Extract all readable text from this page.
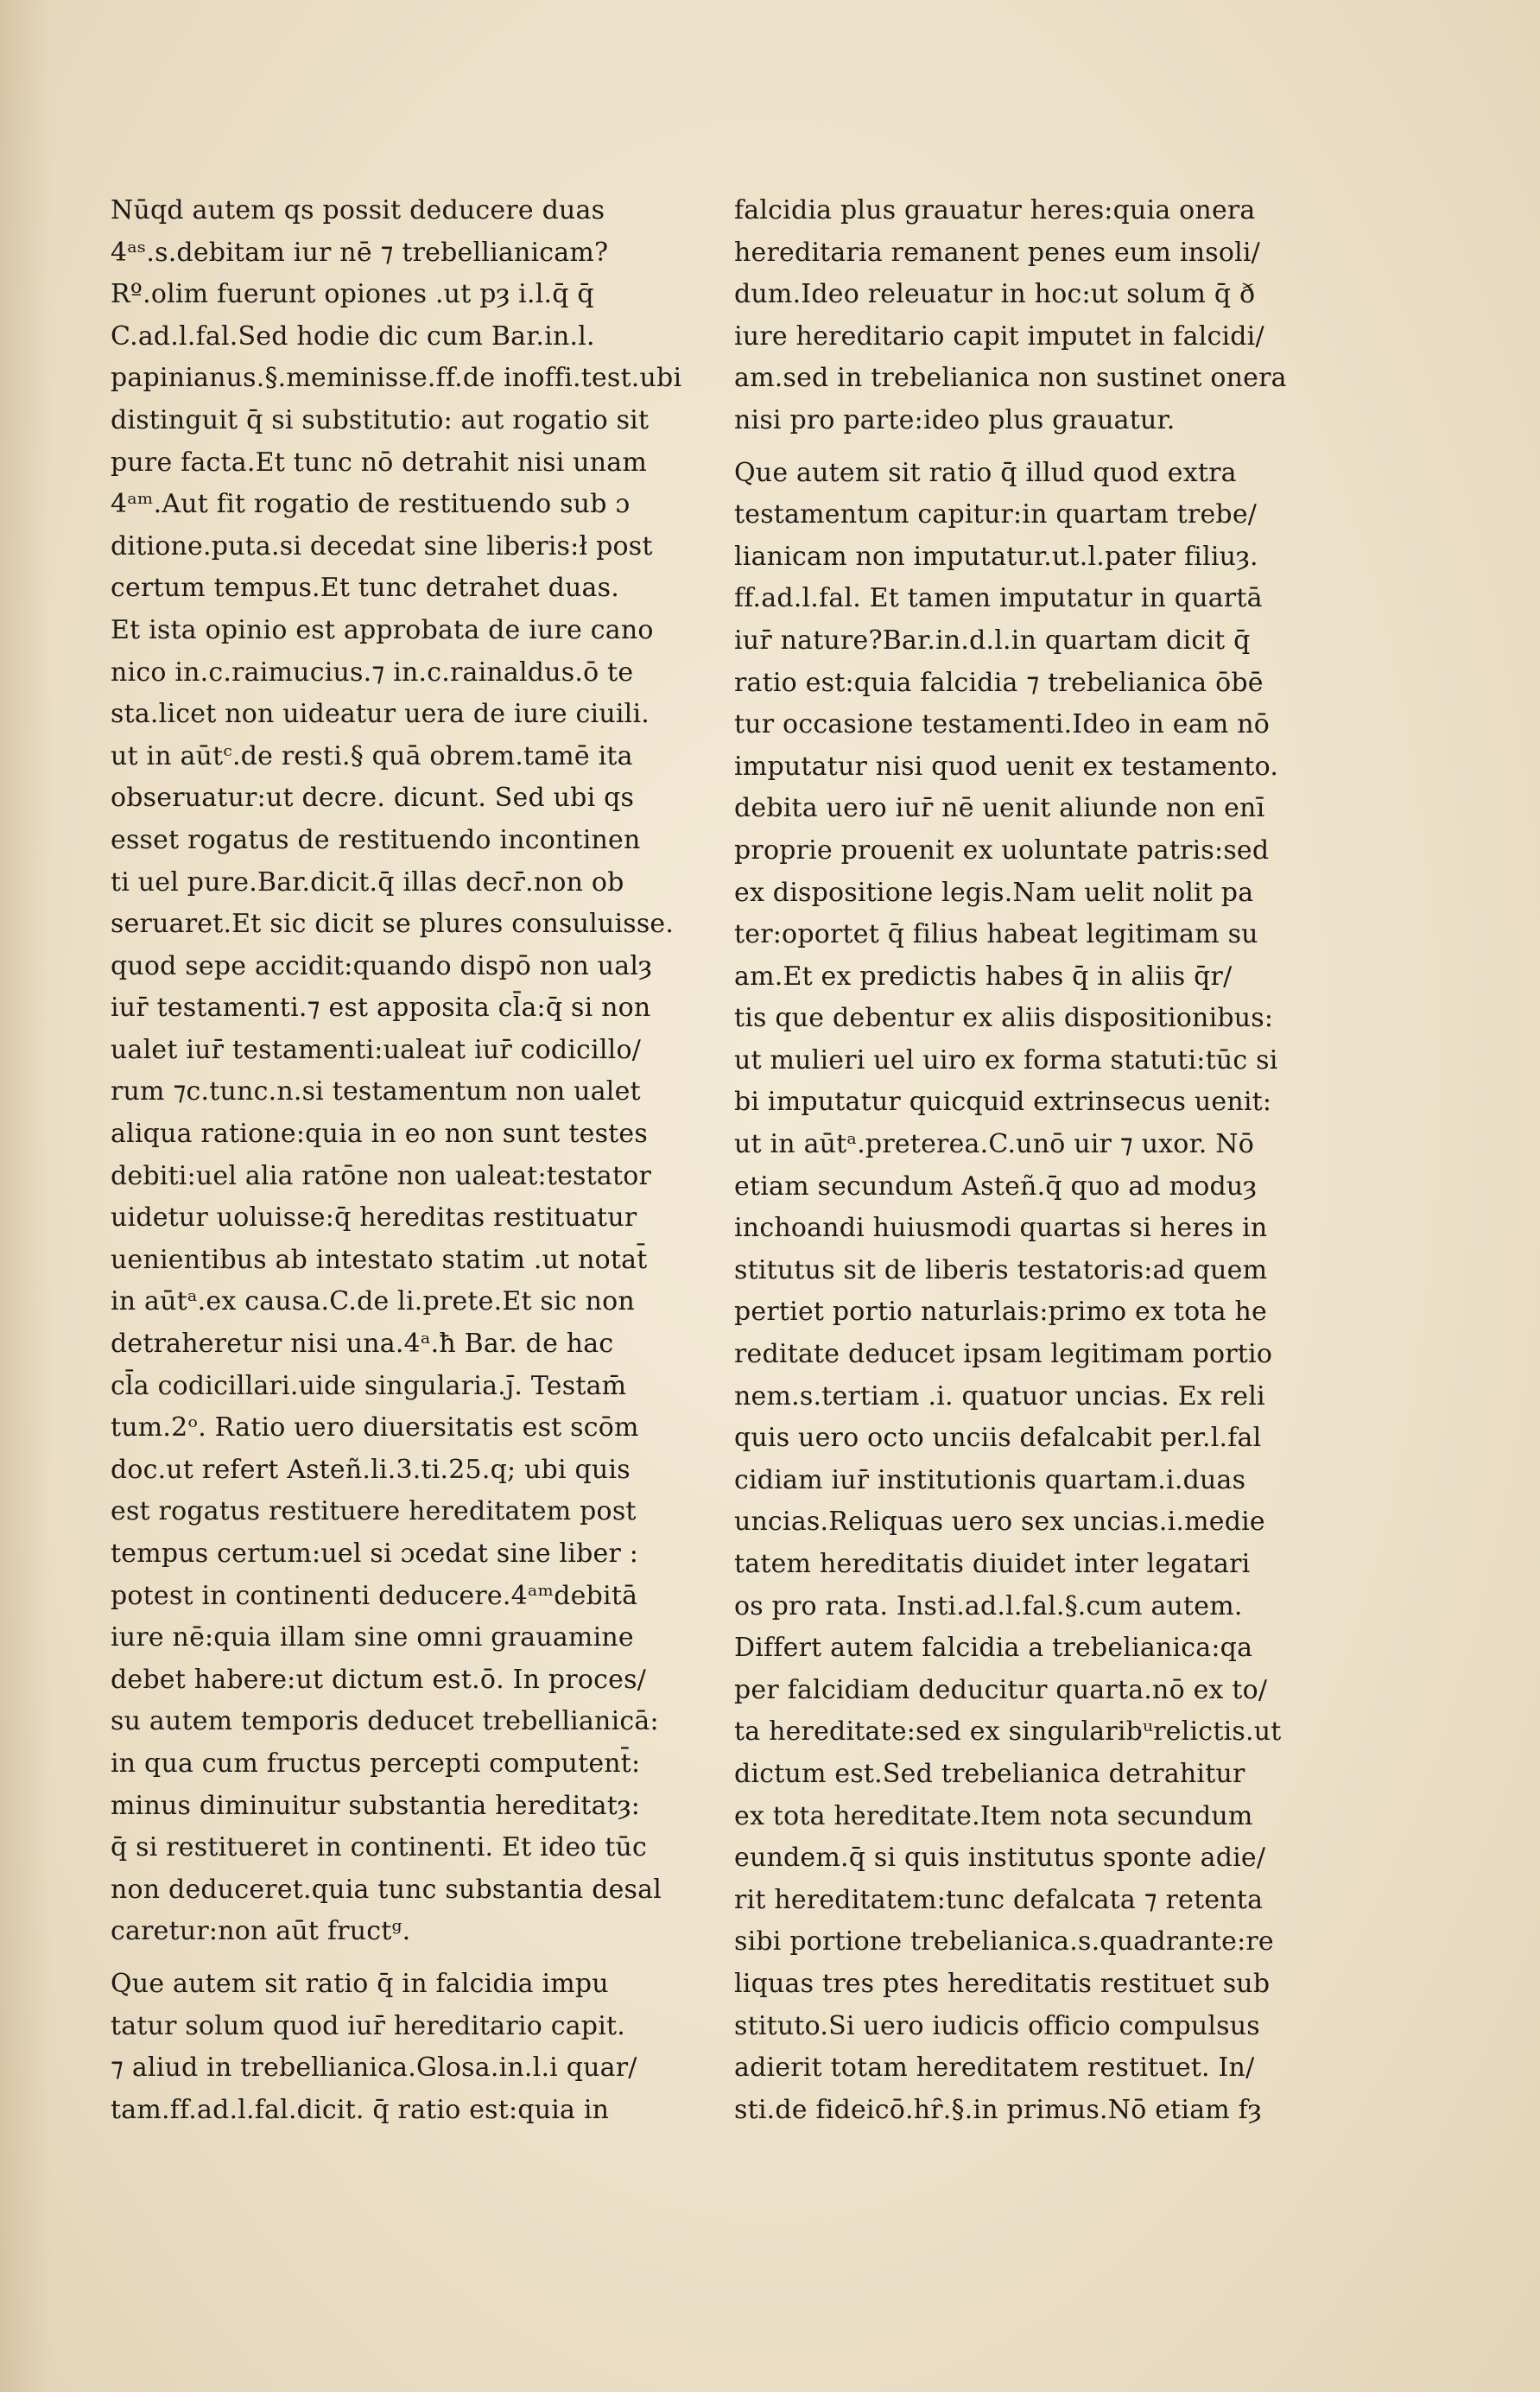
Nūqd autem qs possit deducere duas
4ᵃˢ.s.debitam iur nē ⁊ trebellianicam?
Rº.olim fuerunt opiones .ut pȝ i.l.q̄ q̄
C.ad.l.fal.Sed hodie dic cum Bar.in.l.
papinianus.§.meminisse.ff.de inoffi.test.ubi
distinguit q̄ si substitutio: aut rogatio sit
pure facta.Et tunc nō detrahit nisi unam
4ᵃᵐ.Aut fit rogatio de restituendo sub ɔ
ditione.puta.si decedat sine liberis:ł post
certum tempus.Et tunc detrahet duas.
Et ista opinio est approbata de iure cano
nico in.c.raimucius.⁊ in.c.rainaldus.ō te
sta.licet non uideatur uera de iure ciuili.
ut in aūtᶜ.de resti.§ quā obrem.tamē ita
obseruatur:ut decre. dicunt. Sed ubi qs
esset rogatus de restituendo incontinen
ti uel pure.Bar.dicit.q̄ illas decr̄.non ob
seruaret.Et sic dicit se plures consuluisse.
quod sepe accidit:quando dispō non ualȝ
iur̄ testamenti.⁊ est apposita cl̄a:q̄ si non
ualet iur̄ testamenti:ualeat iur̄ codicillo/
rum ⁊c.tunc.n.si testamentum non ualet
aliqua ratione:quia in eo non sunt testes
debiti:uel alia ratōne non ualeat:testator
uidetur uoluisse:q̄ hereditas restituatur
uenientibus ab intestato statim .ut notat̄
in aūtᵃ.ex causa.C.de li.prete.Et sic non
detraheretur nisi una.4ᵃ.ħ Bar. de hac
cl̄a codicillari.uide singularia.ȷ̄. Testam̄
tum.2ᵒ. Ratio uero diuersitatis est scōm
doc.ut refert Asteñ.li.3.ti.25.q; ubi quis
est rogatus restituere hereditatem post
tempus certum:uel si ɔcedat sine liber :
potest in continenti deducere.4ᵃᵐdebitā
iure nē:quia illam sine omni grauamine
debet habere:ut dictum est.ō. In proces/
su autem temporis deducet trebellianicā:
in qua cum fructus percepti computent̄:
minus diminuitur substantia hereditatȝ:
q̄ si restitueret in continenti. Et ideo tūc
non deduceret.quia tunc substantia desal
caretur:non aūt fructᵍ.
Que autem sit ratio q̄ in falcidia impu
tatur solum quod iur̄ hereditario capit.
⁊ aliud in trebellianica.Glosa.in.l.i quar/
tam.ff.ad.l.fal.dicit. q̄ ratio est:quia in
falcidia plus grauatur heres:quia onera
hereditaria remanent penes eum insoli/
dum.Ideo releuatur in hoc:ut solum q̄ ð
iure hereditario capit imputet in falcidi/
am.sed in trebelianica non sustinet onera
nisi pro parte:ideo plus grauatur.
Que autem sit ratio q̄ illud quod extra
testamentum capitur:in quartam trebe/
lianicam non imputatur.ut.l.pater filiuȝ.
ff.ad.l.fal. Et tamen imputatur in quartā
iur̄ nature?Bar.in.d.l.in quartam dicit q̄
ratio est:quia falcidia ⁊ trebelianica ōbē
tur occasione testamenti.Ideo in eam nō
imputatur nisi quod uenit ex testamento.
debita uero iur̄ nē uenit aliunde non enī
proprie prouenit ex uoluntate patris:sed
ex dispositione legis.Nam uelit nolit pa
ter:oportet q̄ filius habeat legitimam su
am.Et ex predictis habes q̄ in aliis q̄r/
tis que debentur ex aliis dispositionibus:
ut mulieri uel uiro ex forma statuti:tūc si
bi imputatur quicquid extrinsecus uenit:
ut in aūtᵃ.preterea.C.unō uir ⁊ uxor. Nō
etiam secundum Asteñ.q̄ quo ad moduȝ
inchoandi huiusmodi quartas si heres in
stitutus sit de liberis testatoris:ad quem
pertiet portio naturlais:primo ex tota he
reditate deducet ipsam legitimam portio
nem.s.tertiam .i. quatuor uncias. Ex reli
quis uero octo unciis defalcabit per.l.fal
cidiam iur̄ institutionis quartam.i.duas
uncias.Reliquas uero sex uncias.i.medie
tatem hereditatis diuidet inter legatari
os pro rata. Insti.ad.l.fal.§.cum autem.
Differt autem falcidia a trebelianica:qa
per falcidiam deducitur quarta.nō ex to/
ta hereditate:sed ex singularibᵘrelictis.ut
dictum est.Sed trebelianica detrahitur
ex tota hereditate.Item nota secundum
eundem.q̄ si quis institutus sponte adie/
rit hereditatem:tunc defalcata ⁊ retenta
sibi portione trebelianica.s.quadrante:re
liquas tres ptes hereditatis restituet sub
stituto.Si uero iudicis officio compulsus
adierit totam hereditatem restituet. In/
sti.de fideicō.hȓ.§.in primus.Nō etiam fȝ
